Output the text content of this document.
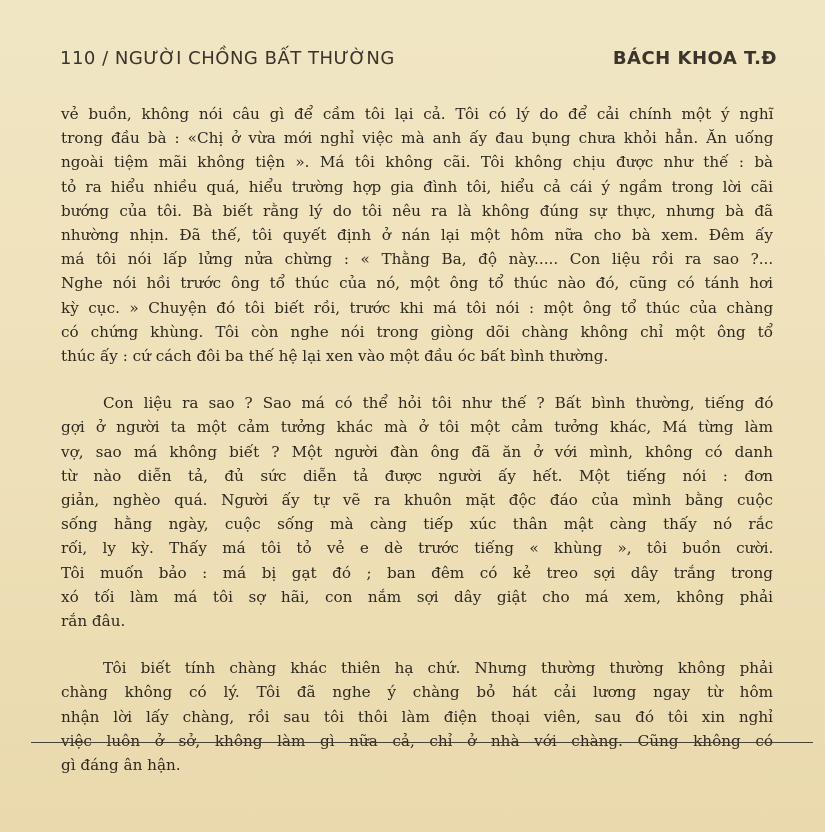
110 / NGƯỜI CHỒNG BẤT THƯỜNG	BÁCH KHOA T.Đ
vẻ buồn, không nói câu gì để cầm tôi lại cả. Tôi có lý do để cải chính một ý nghĩ
trong đầu bà : «Chị ở vừa mới nghỉ việc mà anh ấy đau bụng chưa khỏi hẳn. Ăn uống
ngoài tiệm mãi không tiện ». Má tôi không cãi. Tôi không chịu được như thế : bà
tỏ ra hiểu nhiều quá, hiểu trường hợp gia đình tôi, hiểu cả cái ý ngầm trong lời cãi
bướng của tôi. Bà biết rằng lý do tôi nêu ra là không đúng sự thực, nhưng bà đã
nhường nhịn. Đã thế, tôi quyết định ở nán lại một hôm nữa cho bà xem. Đêm ấy
má tôi nói lấp lửng nửa chừng : « Thằng Ba, độ này..... Con liệu rồi ra sao ?...
Nghe nói hồi trước ông tổ thúc của nó, một ông tổ thúc nào đó, cũng có tánh hơi
kỳ cục. » Chuyện đó tôi biết rồi, trước khi má tôi nói : một ông tổ thúc của chàng
có chứng khùng. Tôi còn nghe nói trong giòng dõi chàng không chỉ một ông tổ
thúc ấy : cứ cách đôi ba thế hệ lại xen vào một đầu óc bất bình thường.
Con liệu ra sao ? Sao má có thể hỏi tôi như thế ? Bất bình thường, tiếng đó
gợi ở người ta một cảm tưởng khác mà ở tôi một cảm tưởng khác, Má từng làm
vợ, sao má không biết ? Một người đàn ông đã ăn ở với mình, không có danh
từ nào diễn tả, đủ sức diễn tả được người ấy hết. Một tiếng nói : đơn
giản, nghèo quá. Người ấy tự vẽ ra khuôn mặt độc đáo của mình bằng cuộc
sống hằng ngày, cuộc sống mà càng tiếp xúc thân mật càng thấy nó rắc
rối, ly kỳ. Thấy má tôi tỏ vẻ e dè trước tiếng « khùng », tôi buồn cười.
Tôi muốn bảo : má bị gạt đó ; ban đêm có kẻ treo sợi dây trắng trong
xó tối làm má tôi sợ hãi, con nắm sợi dây giật cho má xem, không phải
rắn đâu.
Tôi biết tính chàng khác thiên hạ chứ. Nhưng thường thường không phải
chàng không có lý. Tôi đã nghe ý chàng bỏ hát cải lương ngay từ hôm
nhận lời lấy chàng, rồi sau tôi thôi làm điện thoại viên, sau đó tôi xin nghỉ
việc luôn ở sở, không làm gì nữa cả, chỉ ở nhà với chàng. Cũng không có
gì đáng ân hận.
